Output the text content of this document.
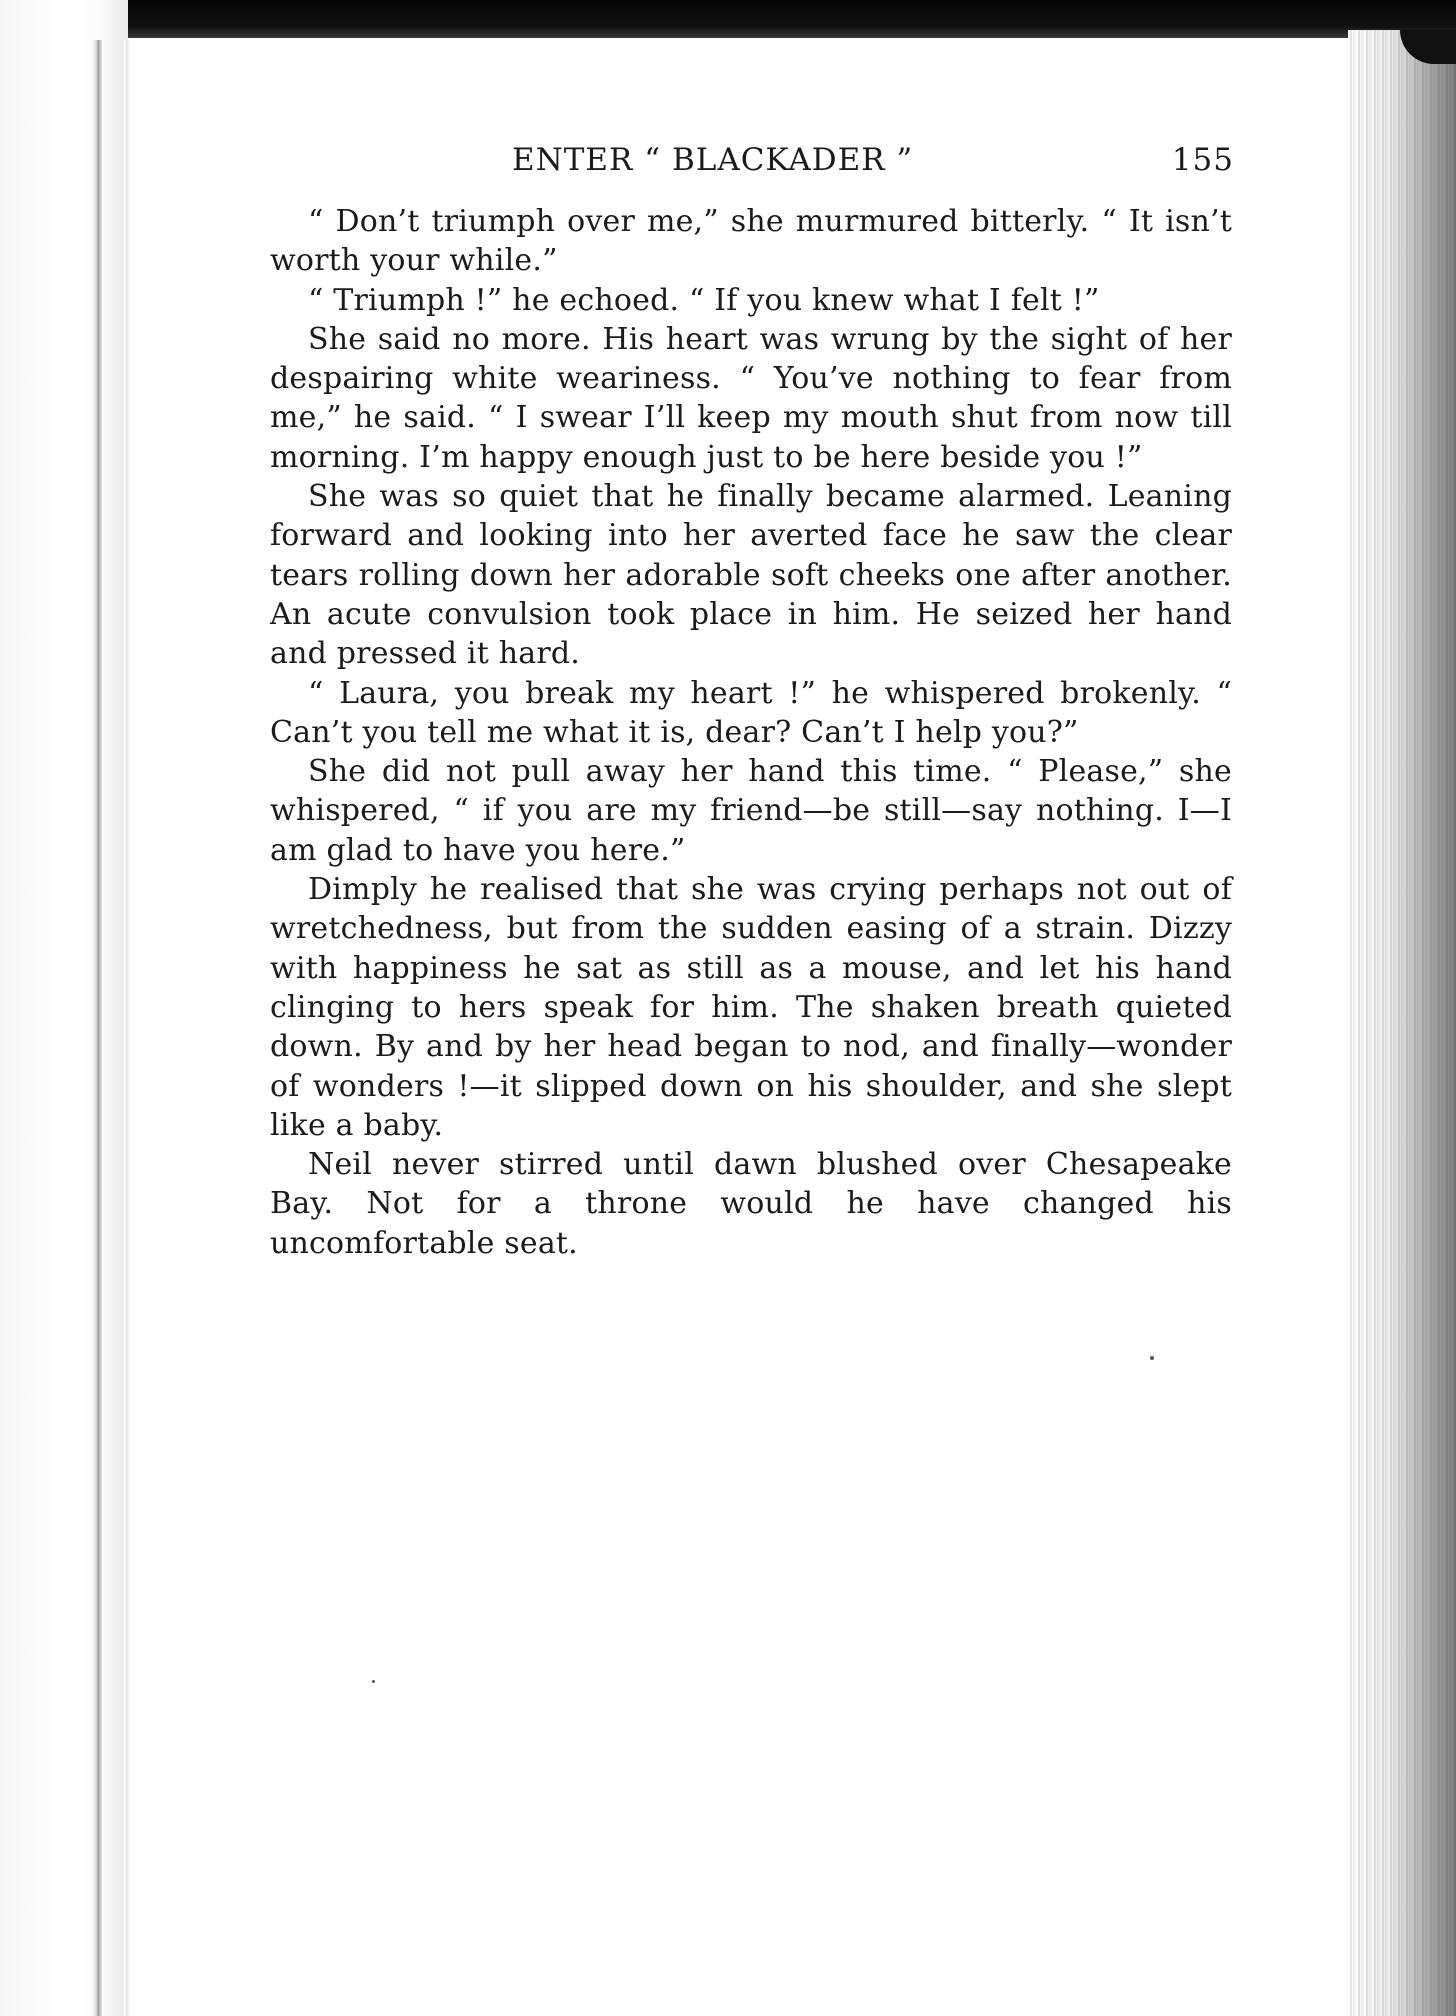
ENTER “ BLACKADER ”	155

“ Don’t triumph over me,” she murmured bitterly. “ It isn’t worth your while.”

“ Triumph !” he echoed. “ If you knew what I felt !”

She said no more. His heart was wrung by the sight of her despairing white weariness. “ You’ve nothing to fear from me,” he said. “ I swear I’ll keep my mouth shut from now till morning. I’m happy enough just to be here beside you !”

She was so quiet that he finally became alarmed. Leaning forward and looking into her averted face he saw the clear tears rolling down her adorable soft cheeks one after another. An acute convulsion took place in him. He seized her hand and pressed it hard.

“ Laura, you break my heart !” he whispered brokenly. “ Can’t you tell me what it is, dear? Can’t I help you?”

She did not pull away her hand this time. “ Please,” she whispered, “ if you are my friend—be still—say nothing. I—I am glad to have you here.”

Dimply he realised that she was crying perhaps not out of wretchedness, but from the sudden easing of a strain. Dizzy with happiness he sat as still as a mouse, and let his hand clinging to hers speak for him. The shaken breath quieted down. By and by her head began to nod, and finally—wonder of wonders !—it slipped down on his shoulder, and she slept like a baby.

Neil never stirred until dawn blushed over Chesapeake Bay. Not for a throne would he have changed his uncomfortable seat.
